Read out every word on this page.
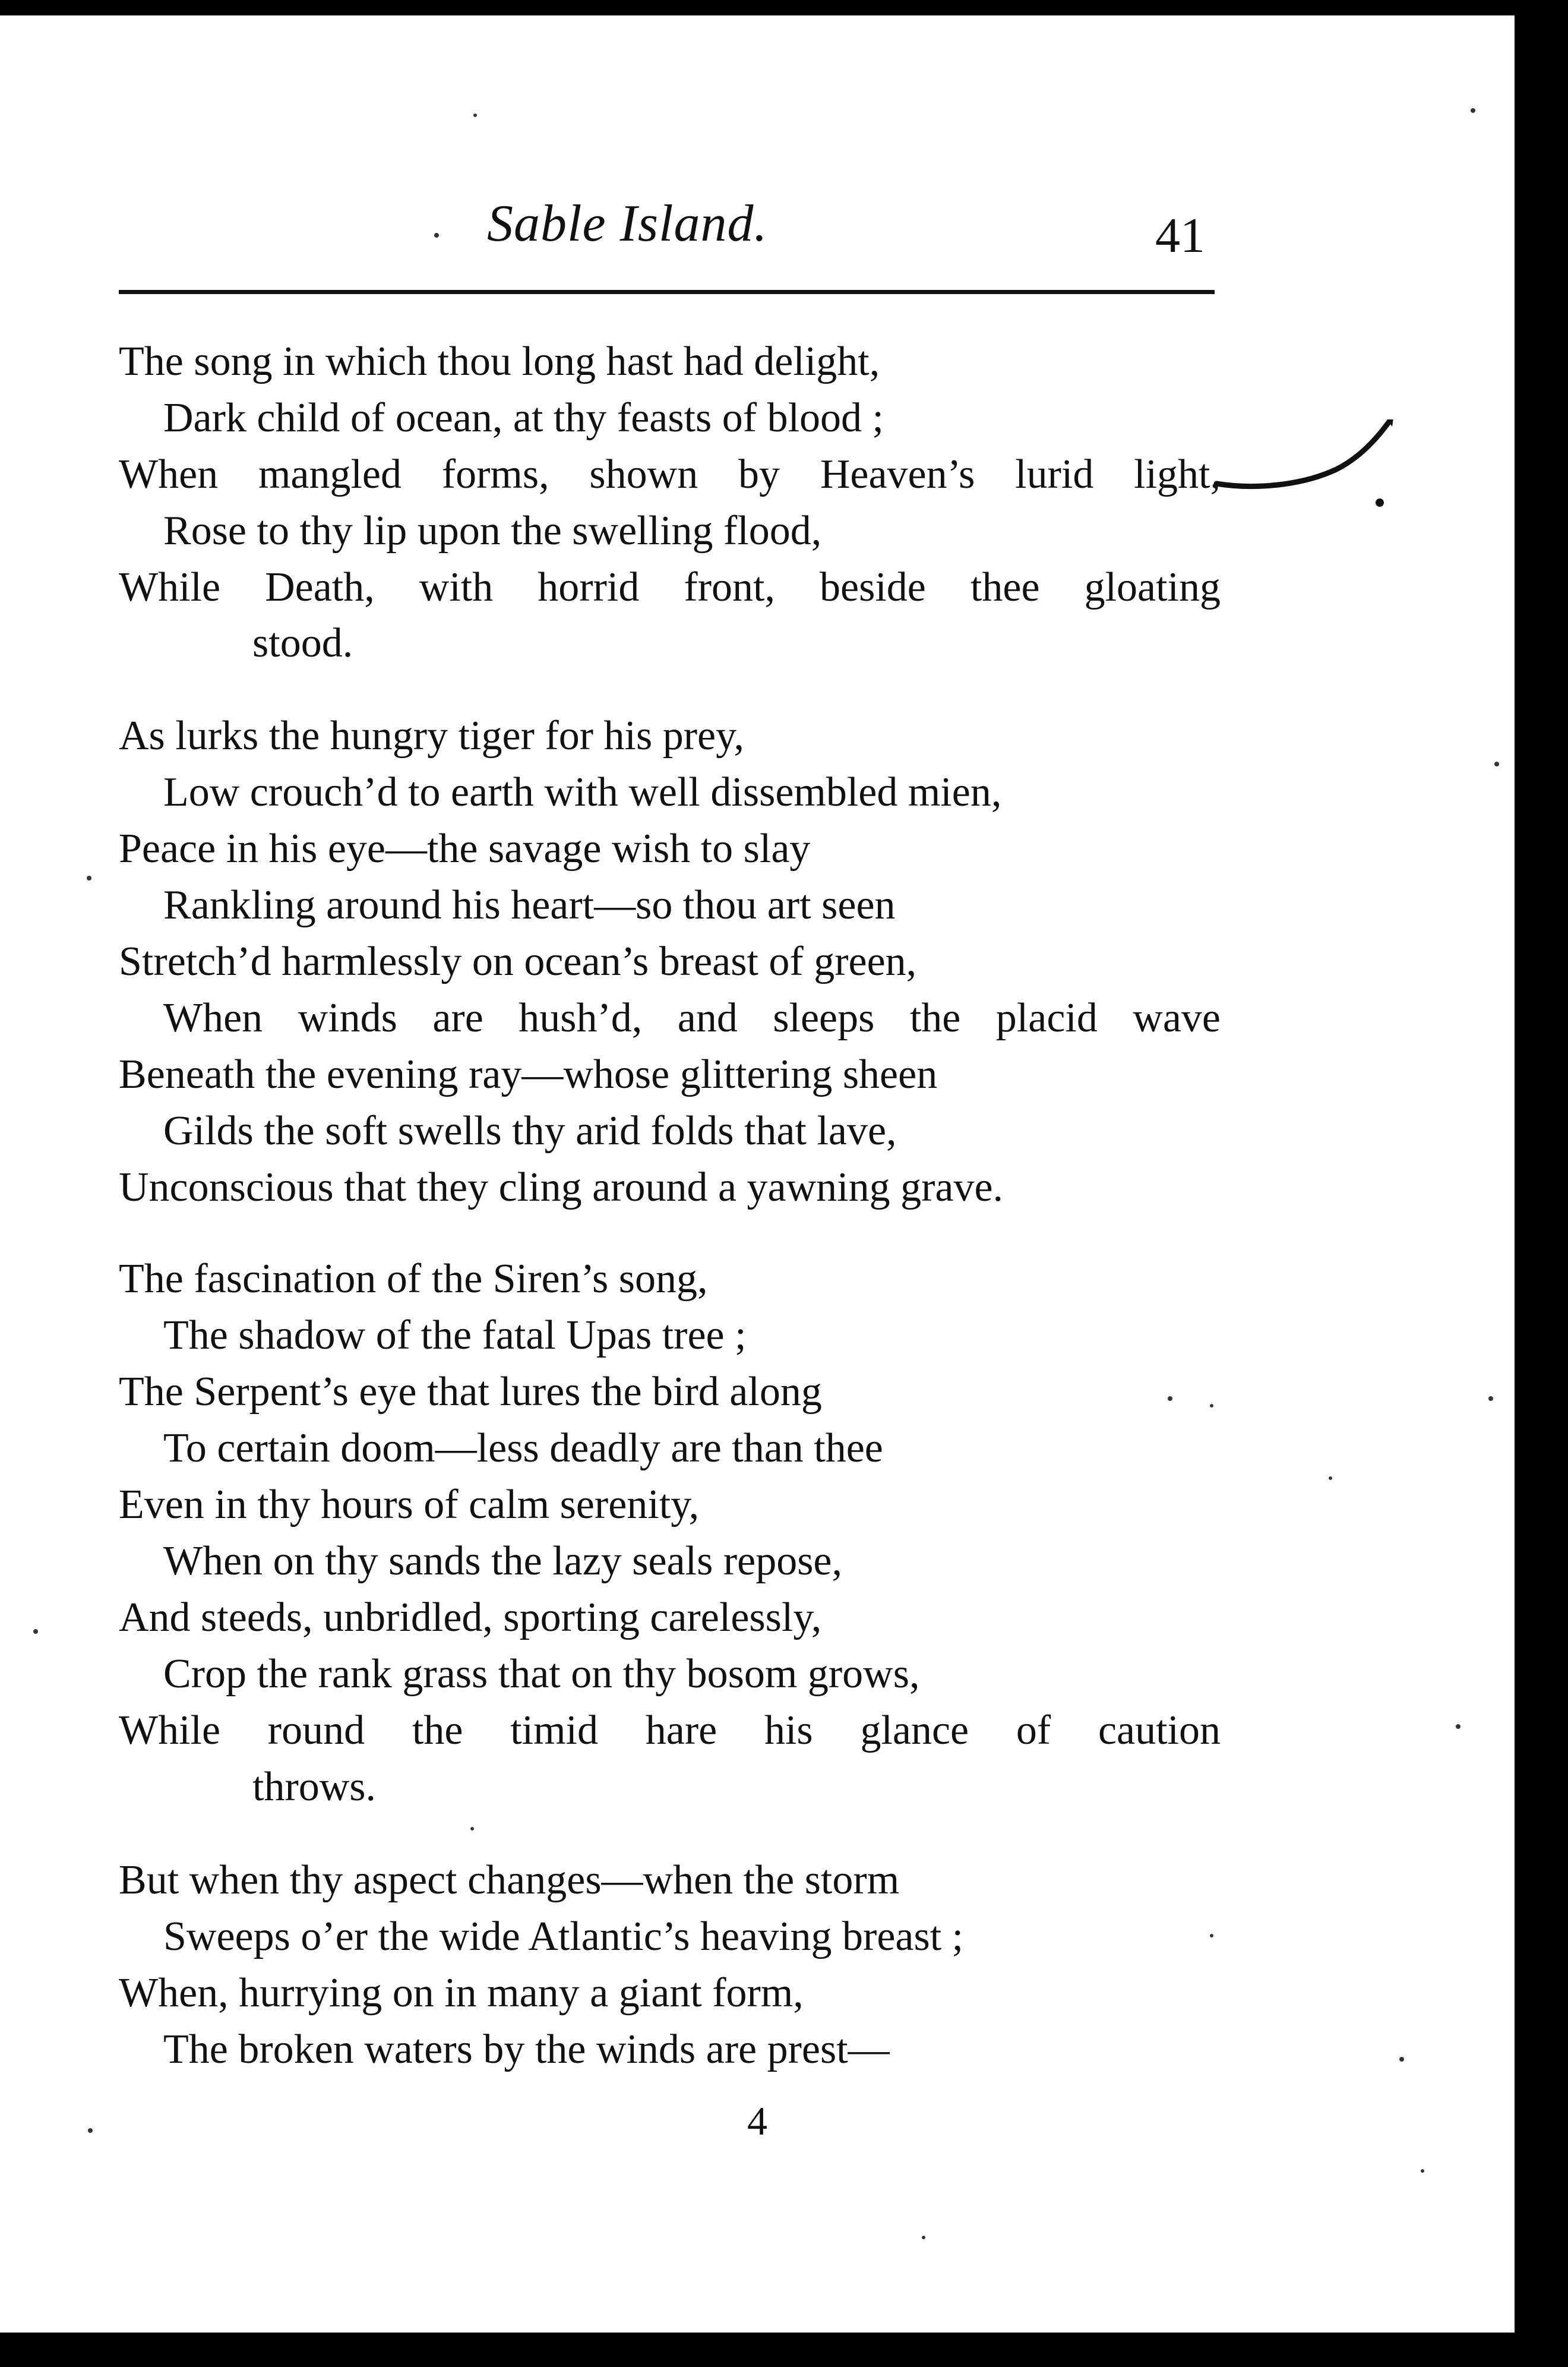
Sable Island.	41
The song in which thou long hast had delight,
Dark child of ocean, at thy feasts of blood ;
When mangled forms, shown by Heaven’s lurid light,
Rose to thy lip upon the swelling flood,
While Death, with horrid front, beside thee gloating
stood.
As lurks the hungry tiger for his prey,
Low crouch’d to earth with well dissembled mien,
Peace in his eye—the savage wish to slay
Rankling around his heart—so thou art seen
Stretch’d harmlessly on ocean’s breast of green,
When winds are hush’d, and sleeps the placid wave
Beneath the evening ray—whose glittering sheen
Gilds the soft swells thy arid folds that lave,
Unconscious that they cling around a yawning grave.
The fascination of the Siren’s song,
The shadow of the fatal Upas tree ;
The Serpent’s eye that lures the bird along
To certain doom—less deadly are than thee
Even in thy hours of calm serenity,
When on thy sands the lazy seals repose,
And steeds, unbridled, sporting carelessly,
Crop the rank grass that on thy bosom grows,
While round the timid hare his glance of caution
throws.
But when thy aspect changes—when the storm
Sweeps o’er the wide Atlantic’s heaving breast ;
When, hurrying on in many a giant form,
The broken waters by the winds are prest—
4
